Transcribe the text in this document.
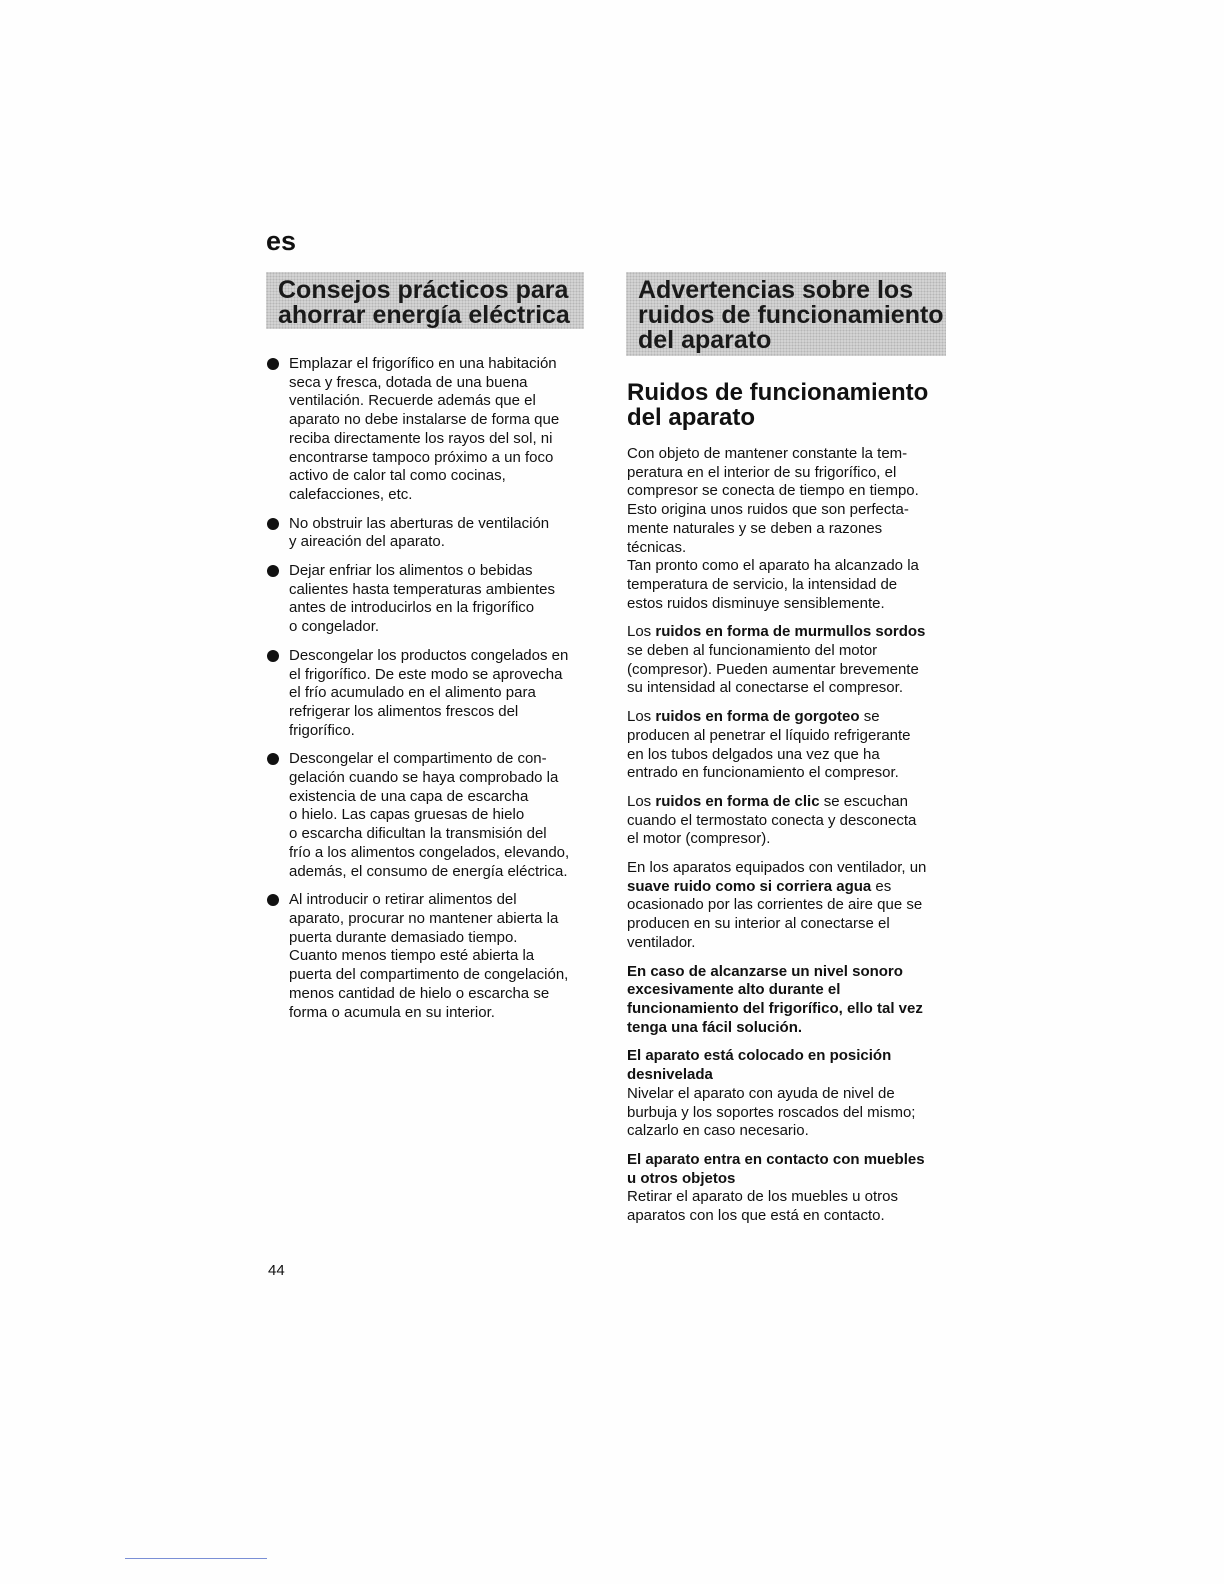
es
Consejos prácticos para
ahorrar energía eléctrica
Advertencias sobre los
ruidos de funcionamiento
del aparato
Emplazar el frigorífico en una habitación
seca y fresca, dotada de una buena
ventilación. Recuerde además que el
aparato no debe instalarse de forma que
reciba directamente los rayos del sol, ni
encontrarse tampoco próximo a un foco
activo de calor tal como cocinas,
calefacciones, etc.
No obstruir las aberturas de ventilación
y aireación del aparato.
Dejar enfriar los alimentos o bebidas
calientes hasta temperaturas ambientes
antes de introducirlos en la frigorífico
o congelador.
Descongelar los productos congelados en
el frigorífico. De este modo se aprovecha
el frío acumulado en el alimento para
refrigerar los alimentos frescos del
frigorífico.
Descongelar el compartimento de con-
gelación cuando se haya comprobado la
existencia de una capa de escarcha
o hielo. Las capas gruesas de hielo
o escarcha dificultan la transmisión del
frío a los alimentos congelados, elevando,
además, el consumo de energía eléctrica.
Al introducir o retirar alimentos del
aparato, procurar no mantener abierta la
puerta durante demasiado tiempo.
Cuanto menos tiempo esté abierta la
puerta del compartimento de congelación,
menos cantidad de hielo o escarcha se
forma o acumula en su interior.
Ruidos de funcionamiento
del aparato
Con objeto de mantener constante la tem-
peratura en el interior de su frigorífico, el
compresor se conecta de tiempo en tiempo.
Esto origina unos ruidos que son perfecta-
mente naturales y se deben a razones
técnicas.
Tan pronto como el aparato ha alcanzado la
temperatura de servicio, la intensidad de
estos ruidos disminuye sensiblemente.
Los ruidos en forma de murmullos sordos
se deben al funcionamiento del motor
(compresor). Pueden aumentar brevemente
su intensidad al conectarse el compresor.
Los ruidos en forma de gorgoteo se
producen al penetrar el líquido refrigerante
en los tubos delgados una vez que ha
entrado en funcionamiento el compresor.
Los ruidos en forma de clic se escuchan
cuando el termostato conecta y desconecta
el motor (compresor).
En los aparatos equipados con ventilador, un
suave ruido como si corriera agua es
ocasionado por las corrientes de aire que se
producen en su interior al conectarse el
ventilador.
En caso de alcanzarse un nivel sonoro
excesivamente alto durante el
funcionamiento del frigorífico, ello tal vez
tenga una fácil solución.
El aparato está colocado en posición
desnivelada
Nivelar el aparato con ayuda de nivel de
burbuja y los soportes roscados del mismo;
calzarlo en caso necesario.
El aparato entra en contacto con muebles
u otros objetos
Retirar el aparato de los muebles u otros
aparatos con los que está en contacto.
44
